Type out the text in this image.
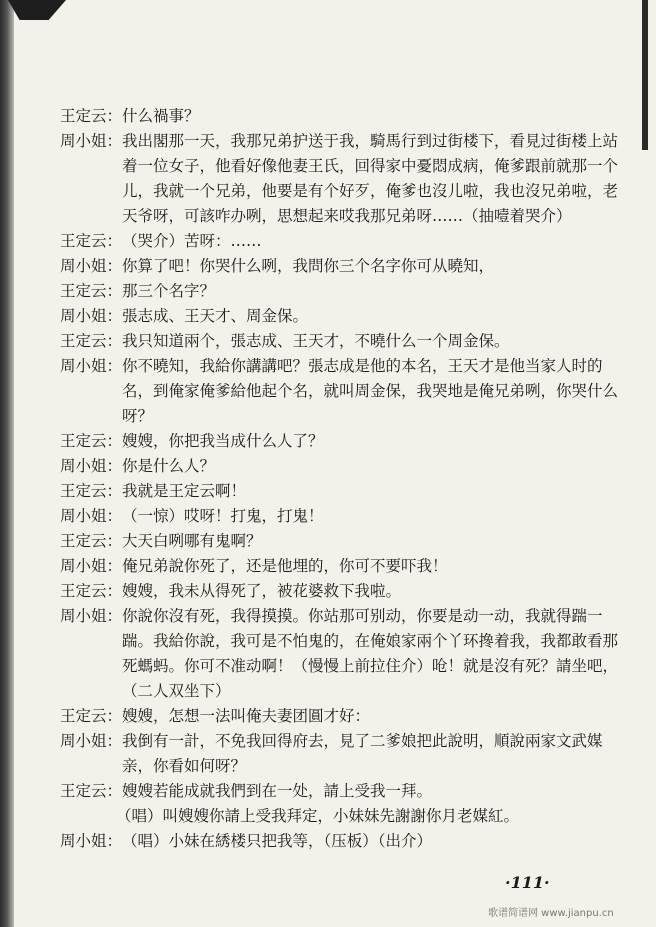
王定云 ： 什么禍事？
周小姐 ： 我出閣那一天，我那兄弟护送于我，騎馬行到过街楼下，看見过街楼上站着一位女子，他看好像他妻王氏，回得家中憂悶成病，俺爹跟前就那一个儿，我就一个兄弟，他要是有个好歹，俺爹也沒儿啦，我也沒兄弟啦，老天爷呀，可該咋办咧，思想起来哎我那兄弟呀……（抽噎着哭介）
王定云 ： （哭介）苦呀：……
周小姐 ： 你算了吧！你哭什么咧，我問你三个名字你可从曉知，
王定云 ： 那三个名字？
周小姐 ： 張志成、王天才、周金保。
王定云 ： 我只知道兩个，張志成、王天才，不曉什么一个周金保。
周小姐 ： 你不曉知，我給你講講吧？張志成是他的本名，王天才是他当家人时的名，到俺家俺爹給他起个名，就叫周金保，我哭地是俺兄弟咧，你哭什么呀？
王定云 ： 嫂嫂，你把我当成什么人了？
周小姐 ： 你是什么人？
王定云 ： 我就是王定云啊！
周小姐 ： （一惊）哎呀！打鬼，打鬼！
王定云 ： 大天白咧哪有鬼啊？
周小姐 ： 俺兄弟說你死了，还是他埋的，你可不要吓我！
王定云 ： 嫂嫂，我未从得死了，被花婆救下我啦。
周小姐 ： 你說你沒有死，我得摸摸。你站那可别动，你要是动一动，我就得踹一踹。我給你說，我可是不怕鬼的，在俺娘家兩个丫环搀着我，我都敢看那死螞蚂。你可不准动啊！（慢慢上前拉住介）呛！就是沒有死？請坐吧，（二人双坐下）
王定云 ： 嫂嫂，怎想一法叫俺夫妻团圓才好：
周小姐 ： 我倒有一計，不免我回得府去，見了二爹娘把此說明，順說兩家文武媒亲，你看如何呀？
王定云 ： 嫂嫂若能成就我們到在一处，請上受我一拜。
（唱）叫嫂嫂你請上受我拜定，小妹妹先謝謝你月老媒紅。
周小姐 ： （唱）小妹在綉楼只把我等，（压板）（出介）
·111·
歌谱简谱网 www.jianpu.cn
